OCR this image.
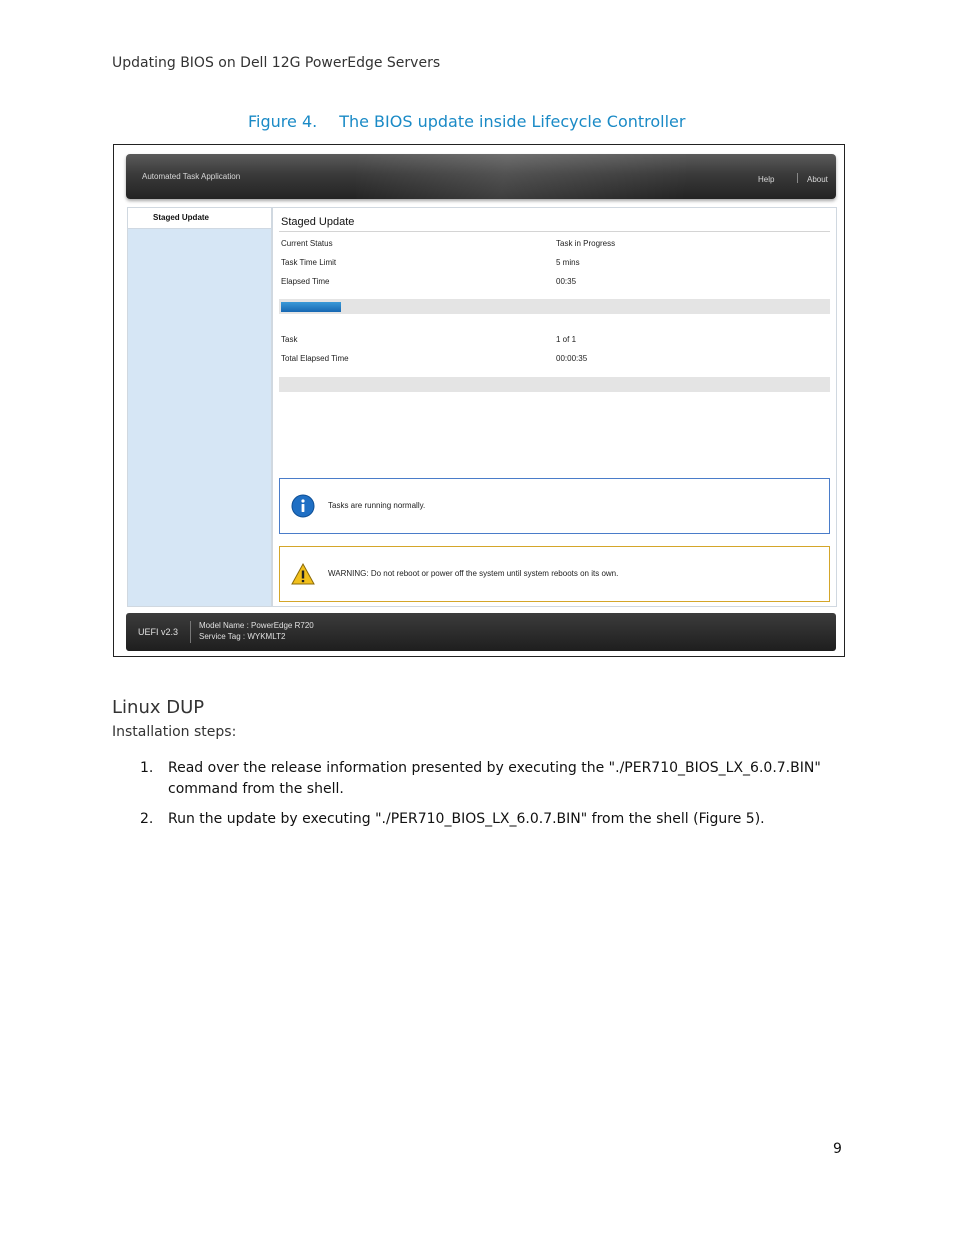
Updating BIOS on Dell 12G PowerEdge Servers
Figure 4. The BIOS update inside Lifecycle Controller
Automated Task Application	Help	About
Staged Update	Staged Update
Current Status	Task in Progress
Task Time Limit	5 mins
Elapsed Time	00:35
Task	1 of 1
Total Elapsed Time	00:00:35
Tasks are running normally.
WARNING: Do not reboot or power off the system until system reboots on its own.
UEFI v2.3
Model Name : PowerEdge R720
Service Tag : WYKMLT2
Linux DUP
Installation steps:
1. Read over the release information presented by executing the "./PER710_BIOS_LX_6.0.7.BIN"
command from the shell.
2. Run the update by executing "./PER710_BIOS_LX_6.0.7.BIN" from the shell (Figure 5).
9
